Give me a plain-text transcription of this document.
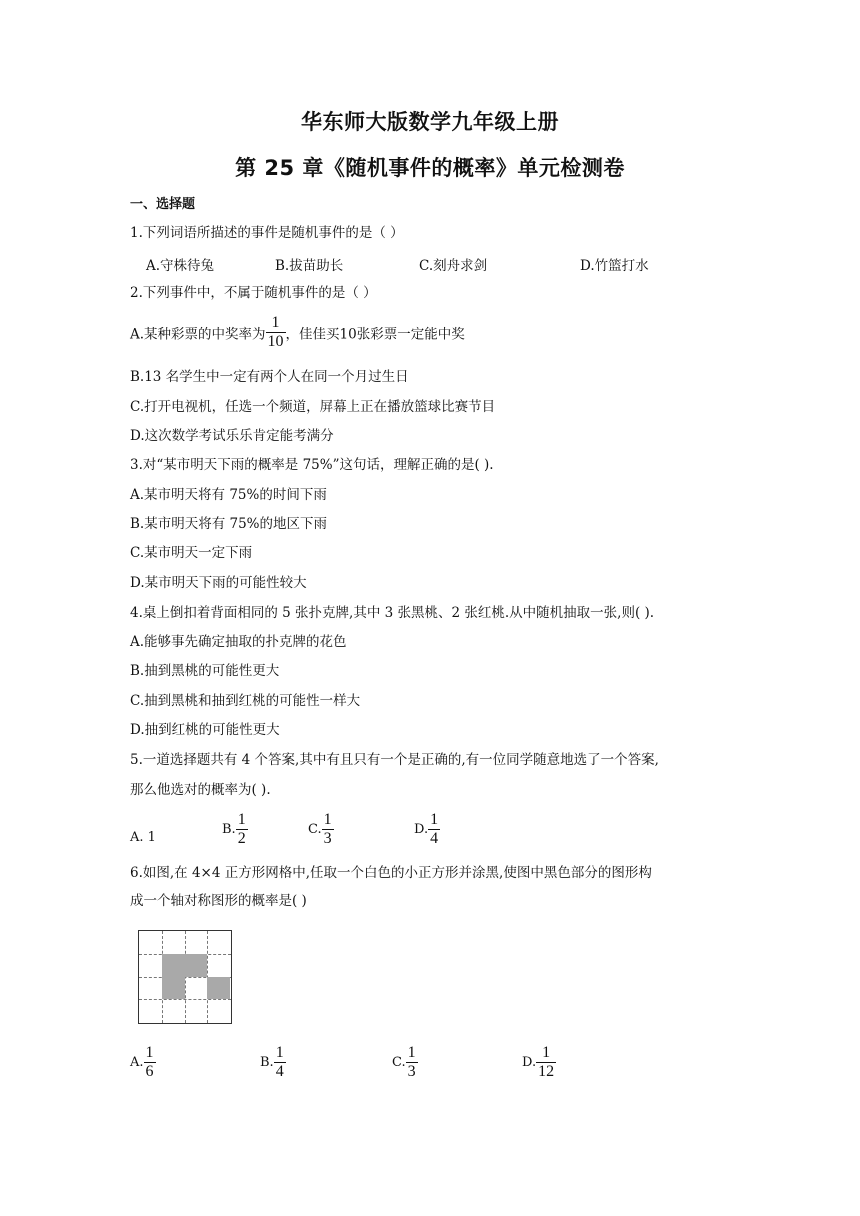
华东师大版数学九年级上册
第 25 章《随机事件的概率》单元检测卷
一、选择题
1.下列词语所描述的事件是随机事件的是（ ）
A.守株待兔	B.拔苗助长	C.刻舟求剑	D.竹篮打水
2.下列事件中，不属于随机事件的是（ ）
A.某种彩票的中奖率为 $\frac{1}{10}$ ，佳佳买10张彩票一定能中奖
B.13 名学生中一定有两个人在同一个月过生日
C.打开电视机，任选一个频道，屏幕上正在播放篮球比赛节目
D.这次数学考试乐乐肯定能考满分
3.对“某市明天下雨的概率是 75%”这句话，理解正确的是( ).
A.某市明天将有 75%的时间下雨
B.某市明天将有 75%的地区下雨
C.某市明天一定下雨
D.某市明天下雨的可能性较大
4.桌上倒扣着背面相同的 5 张扑克牌,其中 3 张黑桃、2 张红桃.从中随机抽取一张,则( ).
A.能够事先确定抽取的扑克牌的花色
B.抽到黑桃的可能性更大
C.抽到黑桃和抽到红桃的可能性一样大
D.抽到红桃的可能性更大
5.一道选择题共有 4 个答案,其中有且只有一个是正确的,有一位同学随意地选了一个答案,
那么他选对的概率为( ).
A. 1
B. $\frac{1}{2}$	C. $\frac{1}{3}$	D. $\frac{1}{4}$
6.如图,在 4×4 正方形网格中,任取一个白色的小正方形并涂黑,使图中黑色部分的图形构
成一个轴对称图形的概率是( )
A. $\frac{1}{6}$	B. $\frac{1}{4}$	C. $\frac{1}{3}$	D. $\frac{1}{12}$
